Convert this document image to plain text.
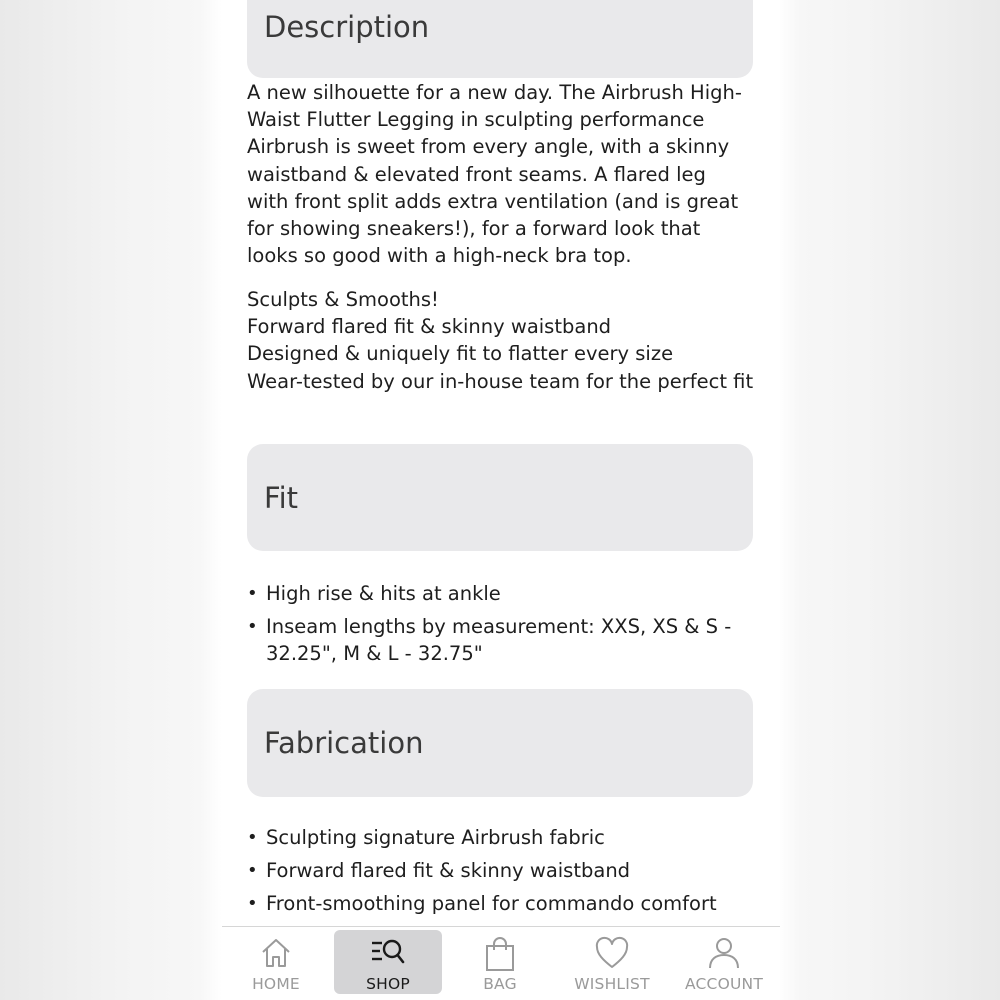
Description

A new silhouette for a new day. The Airbrush High-Waist Flutter Legging in sculpting performance Airbrush is sweet from every angle, with a skinny waistband & elevated front seams. A flared leg with front split adds extra ventilation (and is great for showing sneakers!), for a forward look that looks so good with a high-neck bra top.

Sculpts & Smooths!
Forward flared fit & skinny waistband
Designed & uniquely fit to flatter every size
Wear-tested by our in-house team for the perfect fit
Fit
• High rise & hits at ankle
• Inseam lengths by measurement: XXS, XS & S - 32.25", M & L - 32.75"
Fabrication
• Sculpting signature Airbrush fabric
• Forward flared fit & skinny waistband
• Front-smoothing panel for commando comfort
HOME	SHOP	BAG	WISHLIST	ACCOUNT
